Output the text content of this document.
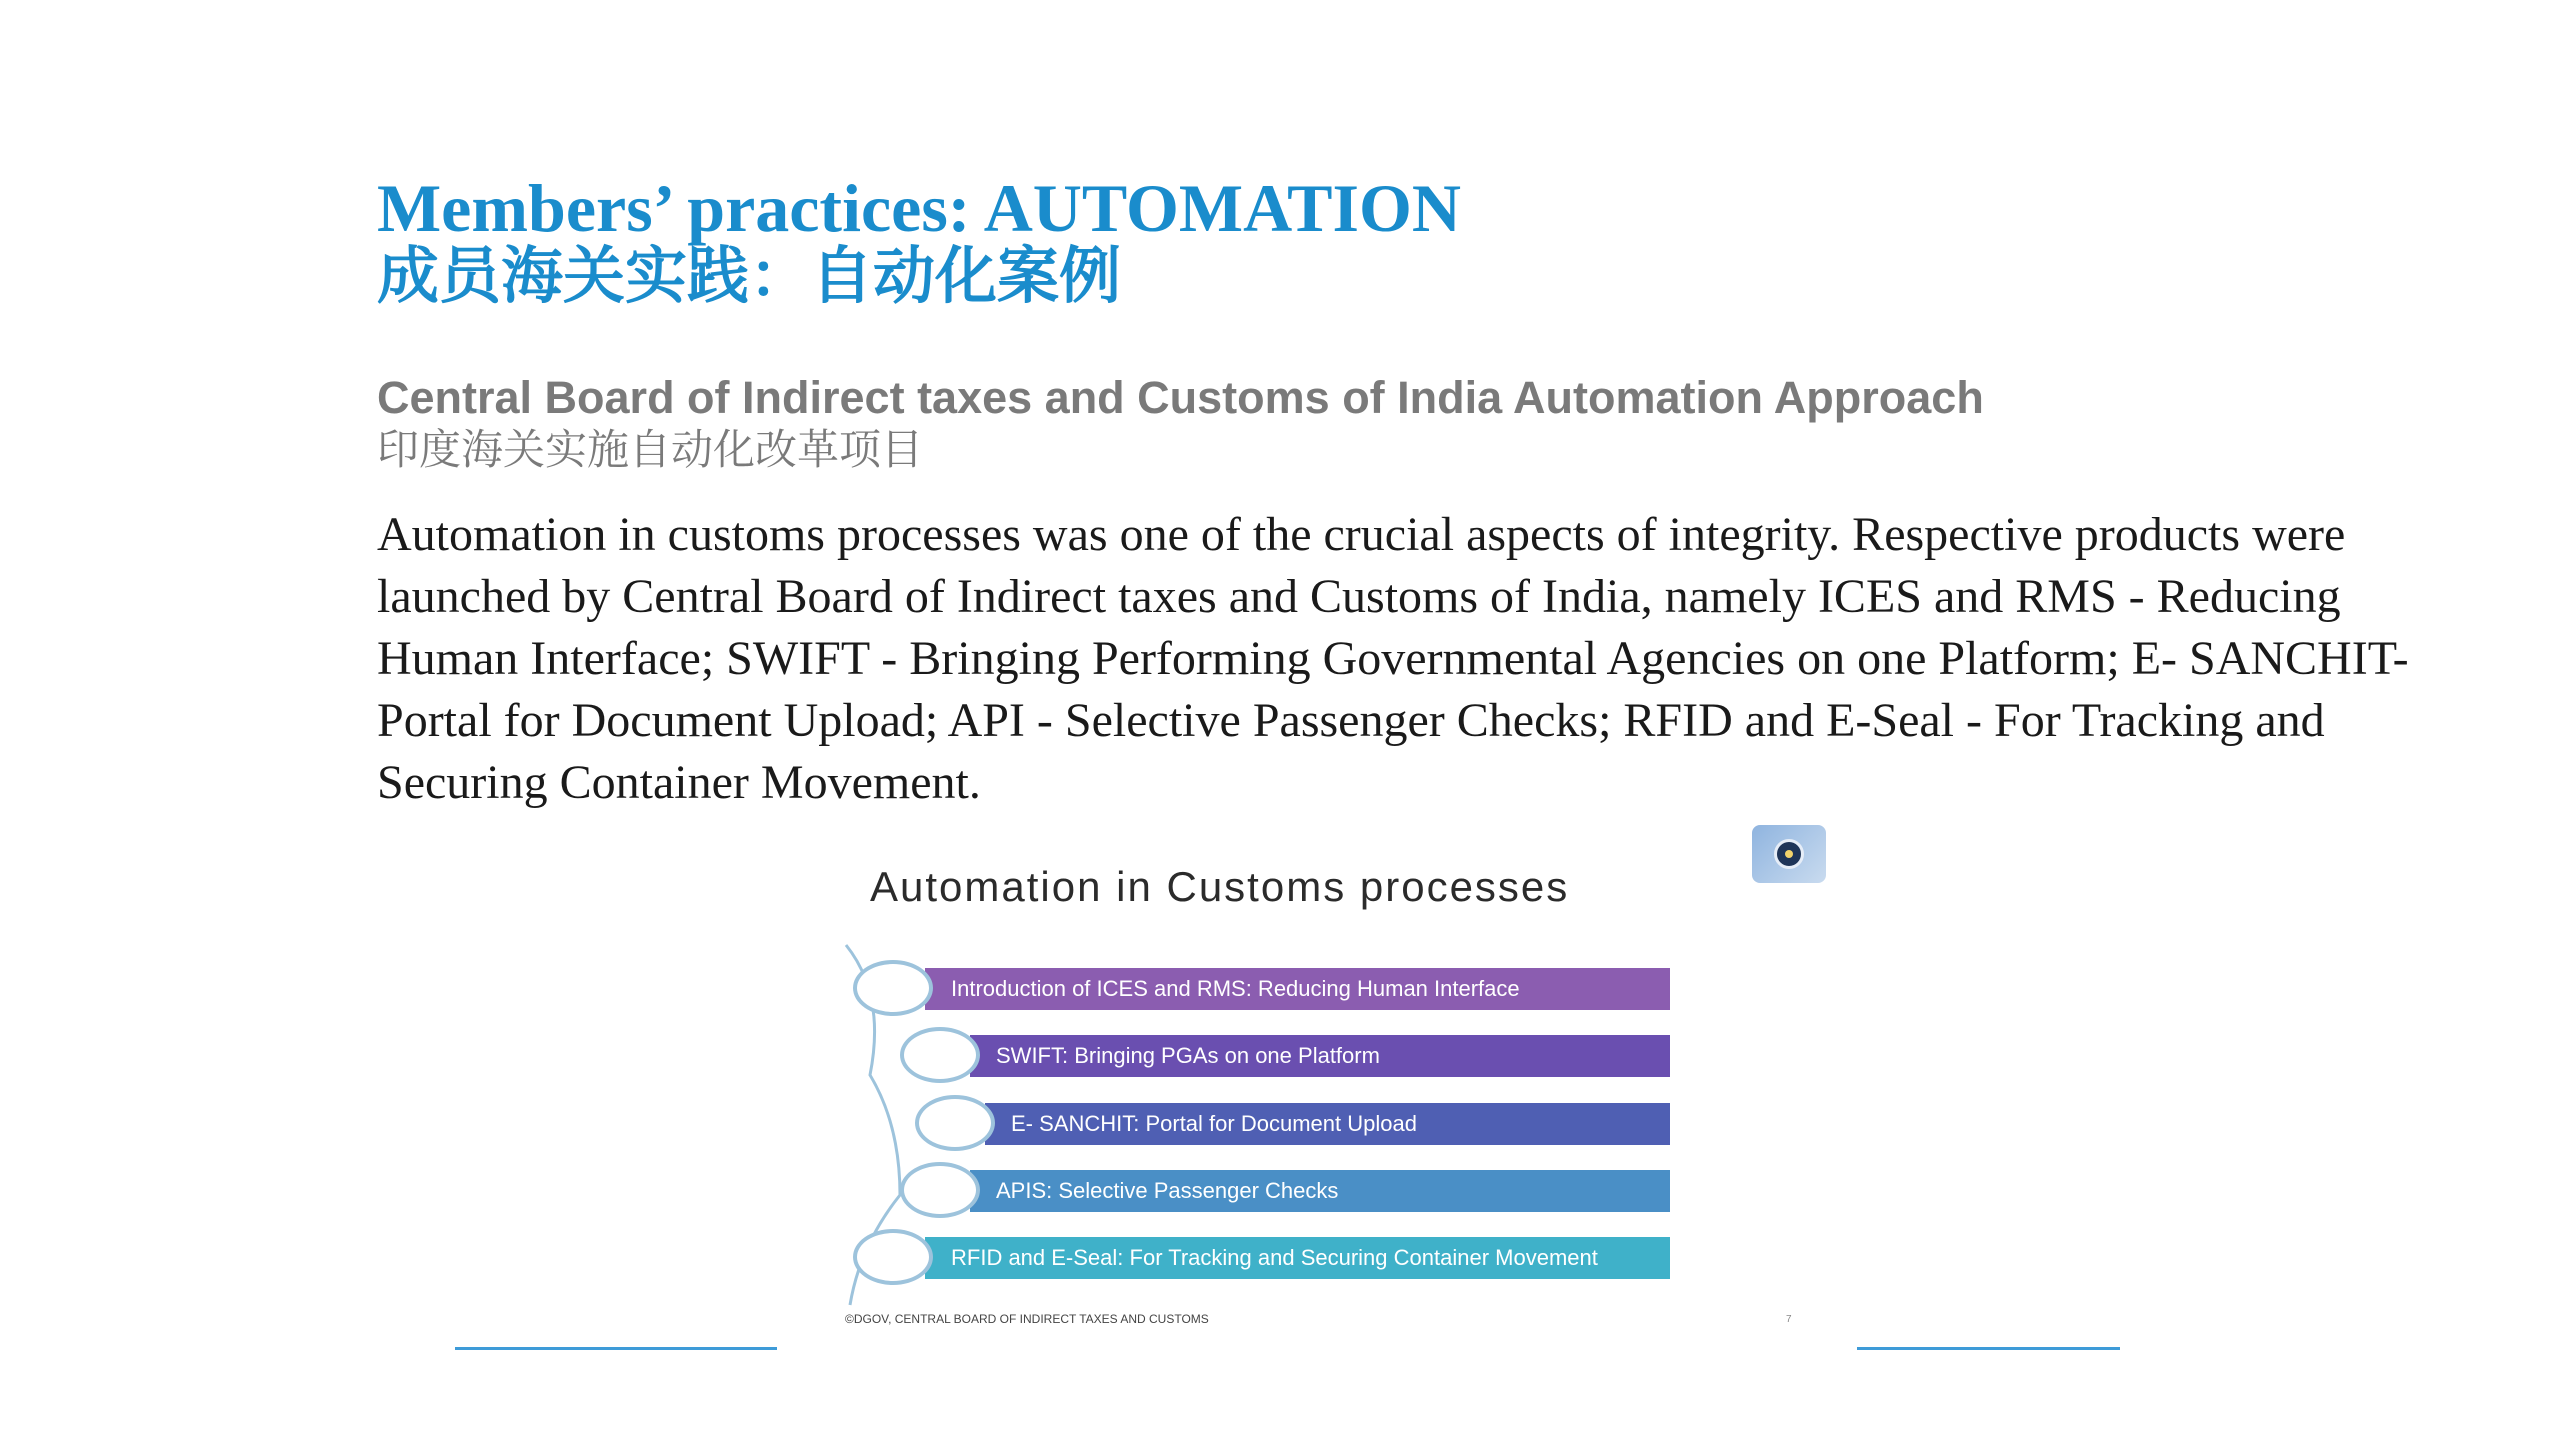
Members’ practices: AUTOMATION
成员海关实践：自动化案例
Central Board of Indirect taxes and Customs of India Automation Approach
印度海关实施自动化改革项目
Automation in customs processes was one of the crucial aspects of integrity. Respective products were launched by Central Board of Indirect taxes and Customs of India, namely ICES and RMS - Reducing Human Interface; SWIFT - Bringing Performing Governmental Agencies on one Platform; E- SANCHIT- Portal for Document Upload; API - Selective Passenger Checks; RFID and E-Seal - For Tracking and Securing Container Movement.
Automation in Customs processes
Introduction of ICES and RMS: Reducing Human Interface
SWIFT: Bringing PGAs on one Platform
E- SANCHIT: Portal for Document Upload
APIS: Selective Passenger Checks
RFID and E-Seal: For Tracking and Securing Container Movement
©DGOV, CENTRAL BOARD OF INDIRECT TAXES AND CUSTOMS	7
